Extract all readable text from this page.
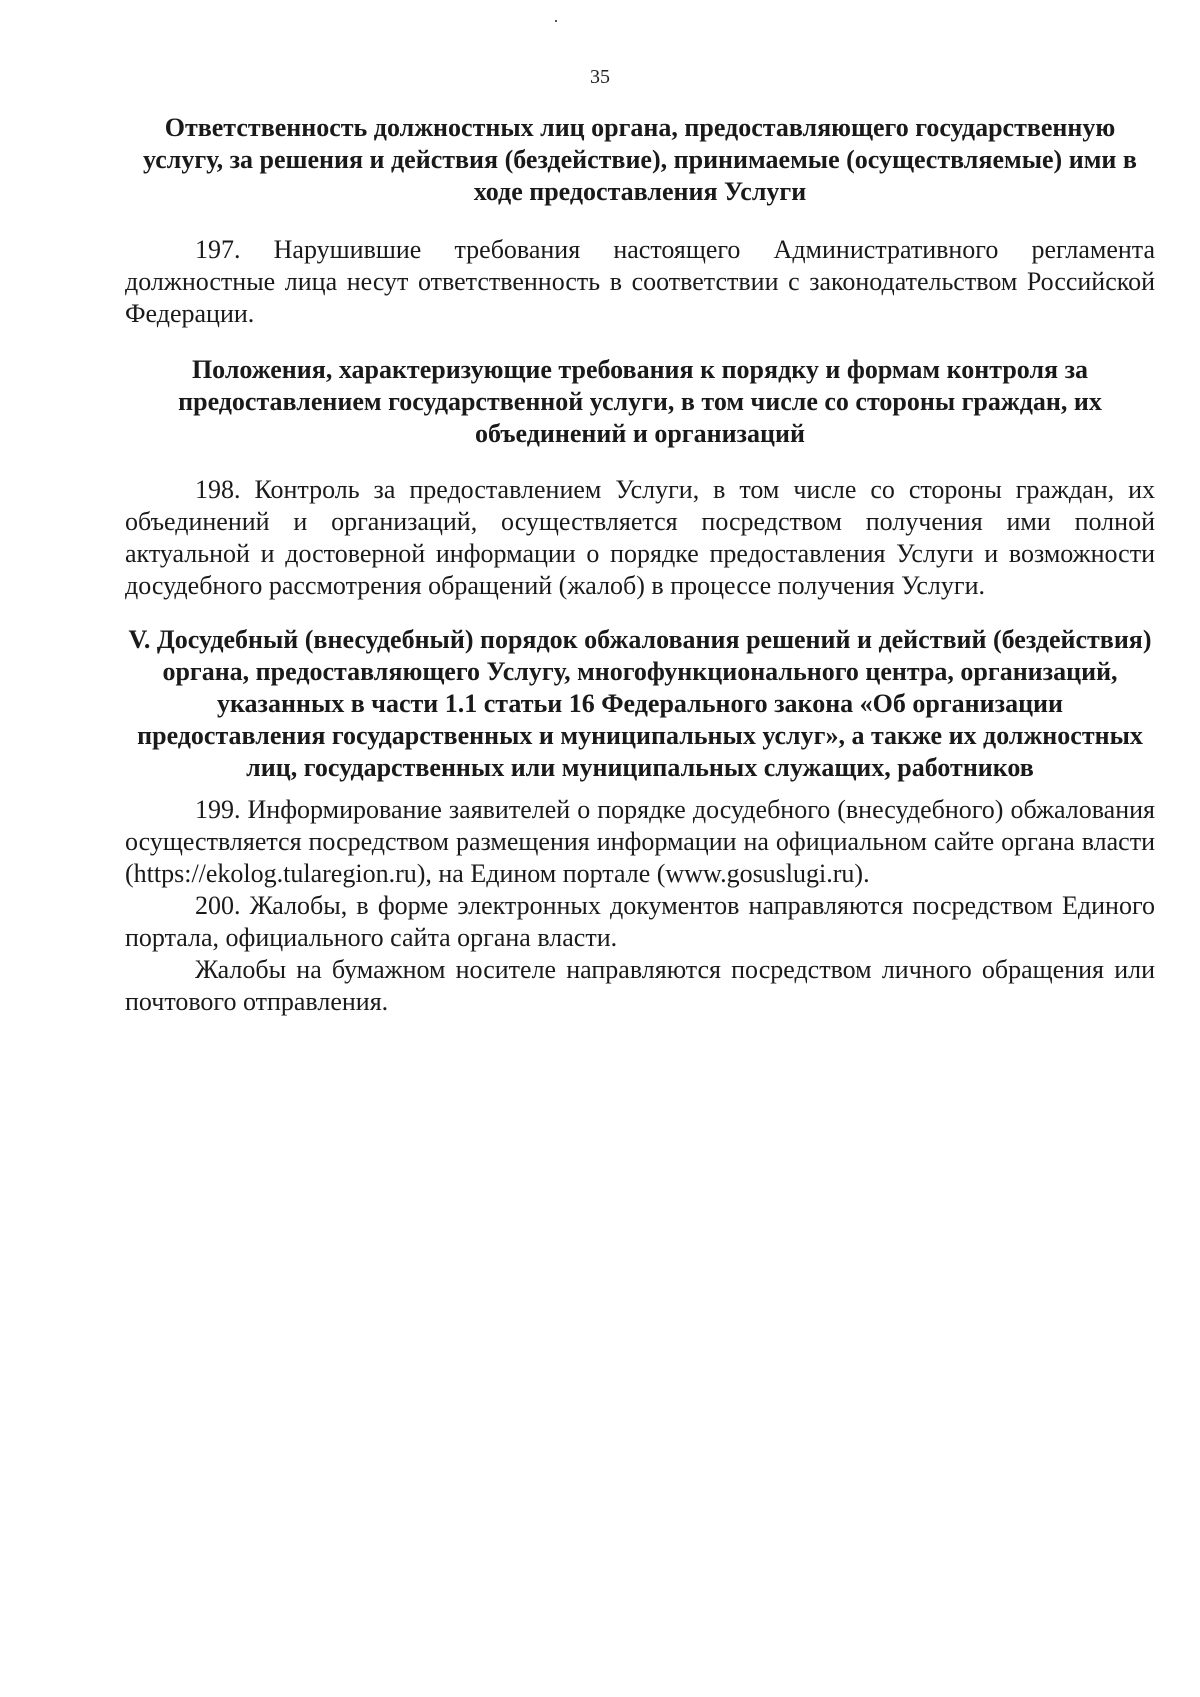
35
Ответственность должностных лиц органа, предоставляющего государственную услугу, за решения и действия (бездействие), принимаемые (осуществляемые) ими в ходе предоставления Услуги

197. Нарушившие требования настоящего Административного регламента должностные лица несут ответственность в соответствии с законодательством Российской Федерации.

Положения, характеризующие требования к порядку и формам контроля за предоставлением государственной услуги, в том числе со стороны граждан, их объединений и организаций

198. Контроль за предоставлением Услуги, в том числе со стороны граждан, их объединений и организаций, осуществляется посредством получения ими полной актуальной и достоверной информации о порядке предоставления Услуги и возможности досудебного рассмотрения обращений (жалоб) в процессе получения Услуги.

V. Досудебный (внесудебный) порядок обжалования решений и действий (бездействия) органа, предоставляющего Услугу, многофункционального центра, организаций, указанных в части 1.1 статьи 16 Федерального закона «Об организации предоставления государственных и муниципальных услуг», а также их должностных лиц, государственных или муниципальных служащих, работников

199. Информирование заявителей о порядке досудебного (внесудебного) обжалования осуществляется посредством размещения информации на официальном сайте органа власти (https://ekolog.tularegion.ru), на Едином портале (www.gosuslugi.ru).

200. Жалобы, в форме электронных документов направляются посредством Единого портала, официального сайта органа власти.

Жалобы на бумажном носителе направляются посредством личного обращения или почтового отправления.
